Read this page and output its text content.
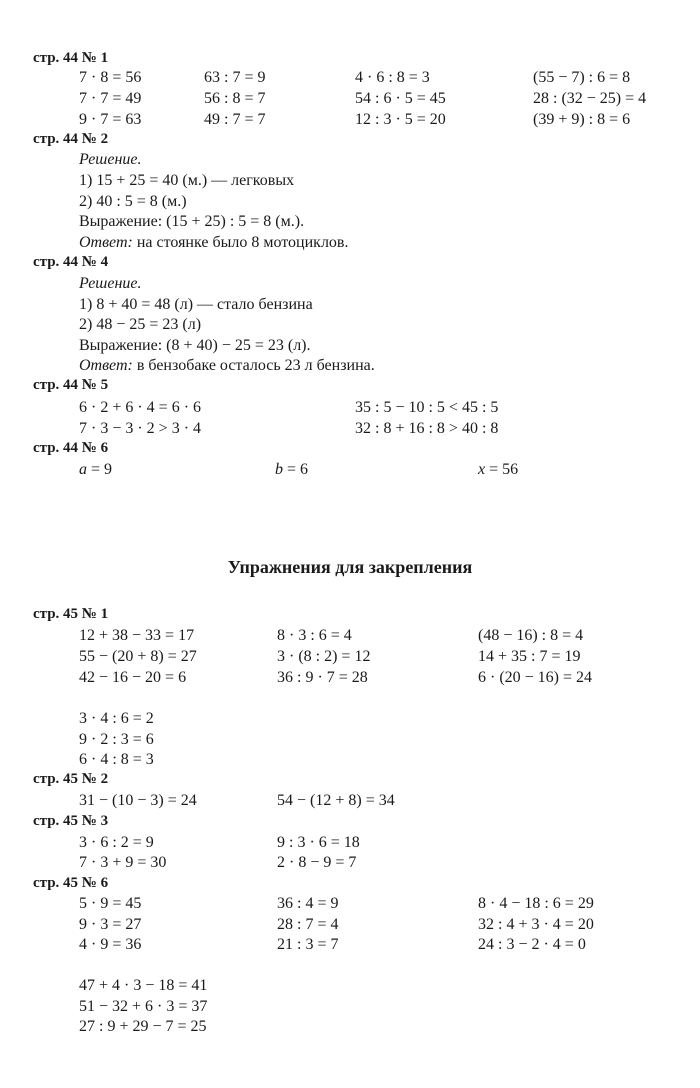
стр. 44 № 1
7 · 8 = 56	63 : 7 = 9	4 · 6 : 8 = 3	(55 − 7) : 6 = 8
7 · 7 = 49	56 : 8 = 7	54 : 6 · 5 = 45	28 : (32 − 25) = 4
9 · 7 = 63	49 : 7 = 7	12 : 3 · 5 = 20	(39 + 9) : 8 = 6
стр. 44 № 2
Решение.
1) 15 + 25 = 40 (м.) — легковых
2) 40 : 5 = 8 (м.)
Выражение: (15 + 25) : 5 = 8 (м.).
Ответ: на стоянке было 8 мотоциклов.
стр. 44 № 4
Решение.
1) 8 + 40 = 48 (л) — стало бензина
2) 48 − 25 = 23 (л)
Выражение: (8 + 40) − 25 = 23 (л).
Ответ: в бензобаке осталось 23 л бензина.
стр. 44 № 5
6 · 2 + 6 · 4 = 6 · 6	35 : 5 − 10 : 5 < 45 : 5
7 · 3 − 3 · 2 > 3 · 4	32 : 8 + 16 : 8 > 40 : 8
стр. 44 № 6
a = 9	b = 6	x = 56
Упражнения для закрепления
стр. 45 № 1
12 + 38 − 33 = 17	8 · 3 : 6 = 4	(48 − 16) : 8 = 4
55 − (20 + 8) = 27	3 · (8 : 2) = 12	14 + 35 : 7 = 19
42 − 16 − 20 = 6	36 : 9 · 7 = 28	6 · (20 − 16) = 24
3 · 4 : 6 = 2
9 · 2 : 3 = 6
6 · 4 : 8 = 3
стр. 45 № 2
31 − (10 − 3) = 24	54 − (12 + 8) = 34
стр. 45 № 3
3 · 6 : 2 = 9	9 : 3 · 6 = 18
7 · 3 + 9 = 30	2 · 8 − 9 = 7
стр. 45 № 6
5 · 9 = 45	36 : 4 = 9	8 · 4 − 18 : 6 = 29
9 · 3 = 27	28 : 7 = 4	32 : 4 + 3 · 4 = 20
4 · 9 = 36	21 : 3 = 7	24 : 3 − 2 · 4 = 0
47 + 4 · 3 − 18 = 41
51 − 32 + 6 · 3 = 37
27 : 9 + 29 − 7 = 25
